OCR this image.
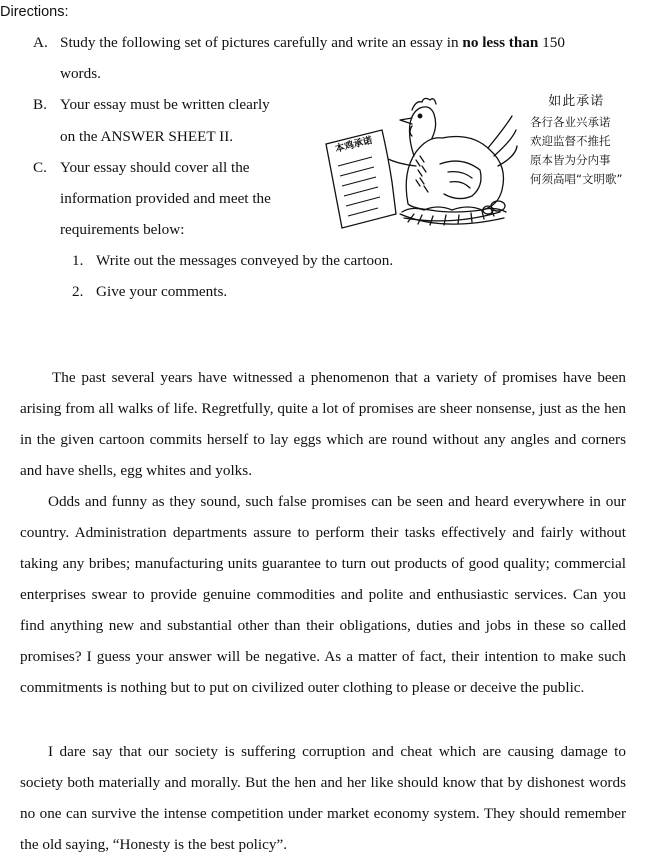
Directions:
A. Study the following set of pictures carefully and write an essay in no less than 150
words.
B. Your essay must be written clearly
on the ANSWER SHEET II.
C. Your essay should cover all the
information provided and meet the
requirements below:
1. Write out the messages conveyed by the cartoon.
2. Give your comments.
本鸡承诺
如此承诺
各行各业兴承诺
欢迎监督不推托
原本皆为分内事
何须高唱“文明歌”

The past several years have witnessed a phenomenon that a variety of promises have been arising from all walks of life. Regretfully, quite a lot of promises are sheer nonsense, just as the hen in the given cartoon commits herself to lay eggs which are round without any angles and corners and have shells, egg whites and yolks.

Odds and funny as they sound, such false promises can be seen and heard everywhere in our country. Administration departments assure to perform their tasks effectively and fairly without taking any bribes; manufacturing units guarantee to turn out products of good quality; commercial enterprises swear to provide genuine commodities and polite and enthusiastic services. Can you find anything new and substantial other than their obligations, duties and jobs in these so called promises? I guess your answer will be negative. As a matter of fact, their intention to make such commitments is nothing but to put on civilized outer clothing to please or deceive the public.

I dare say that our society is suffering corruption and cheat which are causing damage to society both materially and morally. But the hen and her like should know that by dishonest words no one can survive the intense competition under market economy system. They should remember the old saying, “Honesty is the best policy”.
